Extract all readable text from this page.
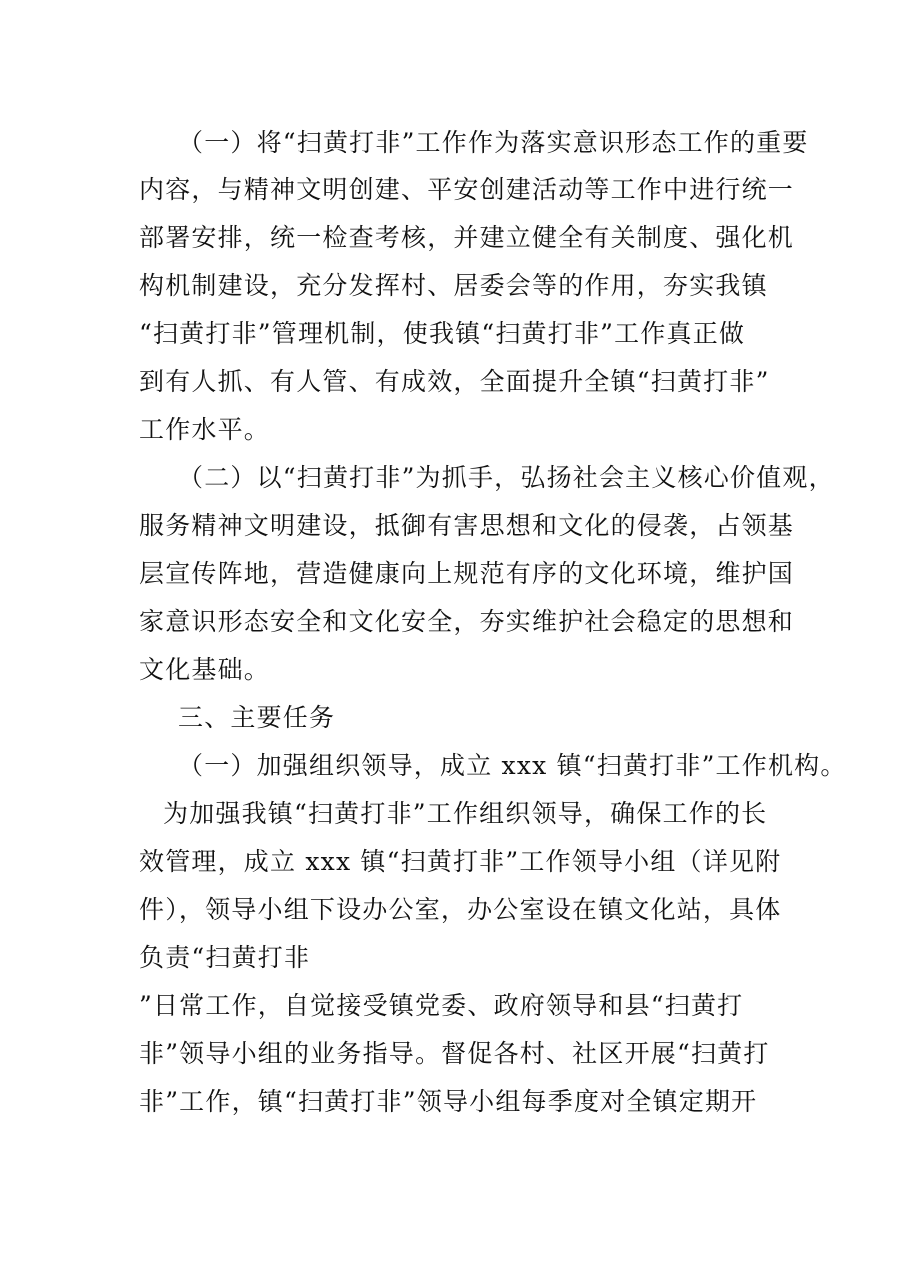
（一）将“扫黄打非”工作作为落实意识形态工作的重要
内容，与精神文明创建、平安创建活动等工作中进行统一
部署安排，统一检查考核，并建立健全有关制度、强化机
构机制建设，充分发挥村、居委会等的作用，夯实我镇
“扫黄打非”管理机制，使我镇“扫黄打非”工作真正做
到有人抓、有人管、有成效，全面提升全镇“扫黄打非”
工作水平。
（二）以“扫黄打非”为抓手，弘扬社会主义核心价值观，
服务精神文明建设，抵御有害思想和文化的侵袭，占领基
层宣传阵地，营造健康向上规范有序的文化环境，维护国
家意识形态安全和文化安全，夯实维护社会稳定的思想和
文化基础。
三、主要任务
（一）加强组织领导，成立 xxx 镇“扫黄打非”工作机构。
为加强我镇“扫黄打非”工作组织领导，确保工作的长
效管理，成立 xxx 镇“扫黄打非”工作领导小组（详见附
件），领导小组下设办公室，办公室设在镇文化站，具体
负责“扫黄打非
”日常工作，自觉接受镇党委、政府领导和县“扫黄打
非”领导小组的业务指导。督促各村、社区开展“扫黄打
非”工作，镇“扫黄打非”领导小组每季度对全镇定期开
